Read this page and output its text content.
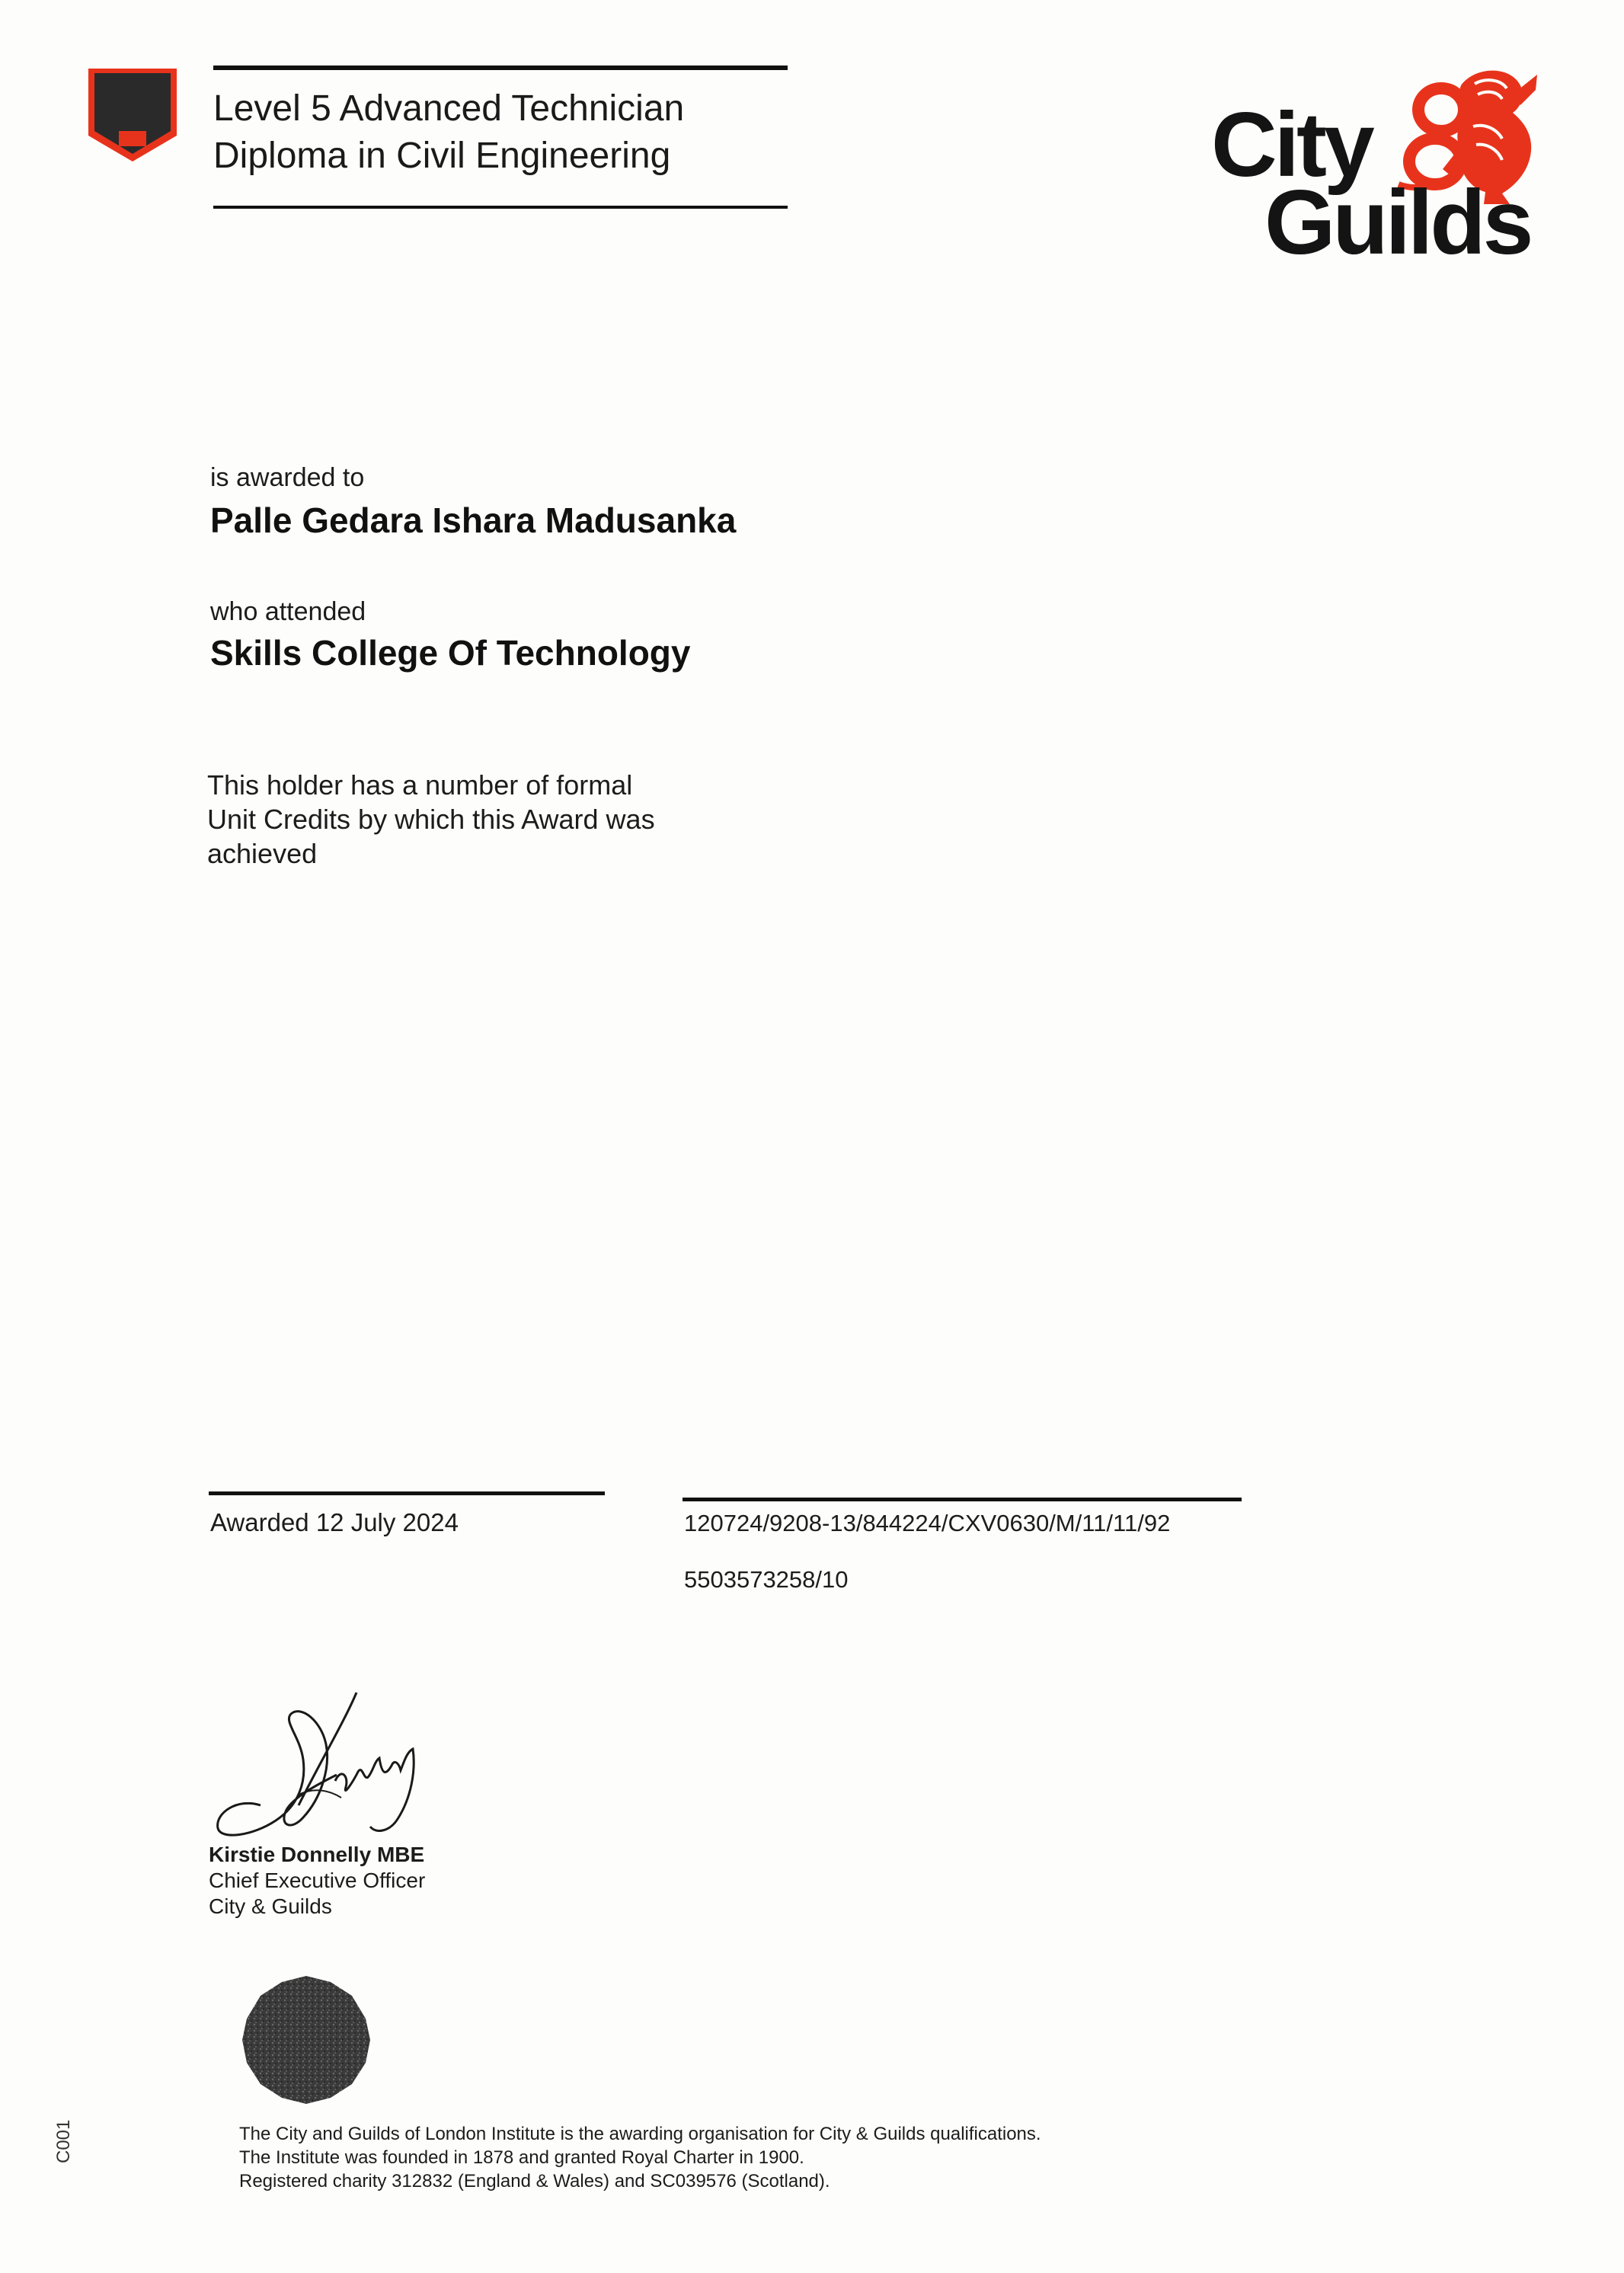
Level 5 Advanced Technician
Diploma in Civil Engineering	City
Guilds
is awarded to
Palle Gedara Ishara Madusanka
who attended
Skills College Of Technology
This holder has a number of formal
Unit Credits by which this Award was
achieved
Awarded 12 July 2024	120724/9208-13/844224/CXV0630/M/11/11/92
5503573258/10
Kirstie Donnelly MBE
Chief Executive Officer
City & Guilds
The City and Guilds of London Institute is the awarding organisation for City & Guilds qualifications.
The Institute was founded in 1878 and granted Royal Charter in 1900.
Registered charity 312832 (England & Wales) and SC039576 (Scotland).
C001
